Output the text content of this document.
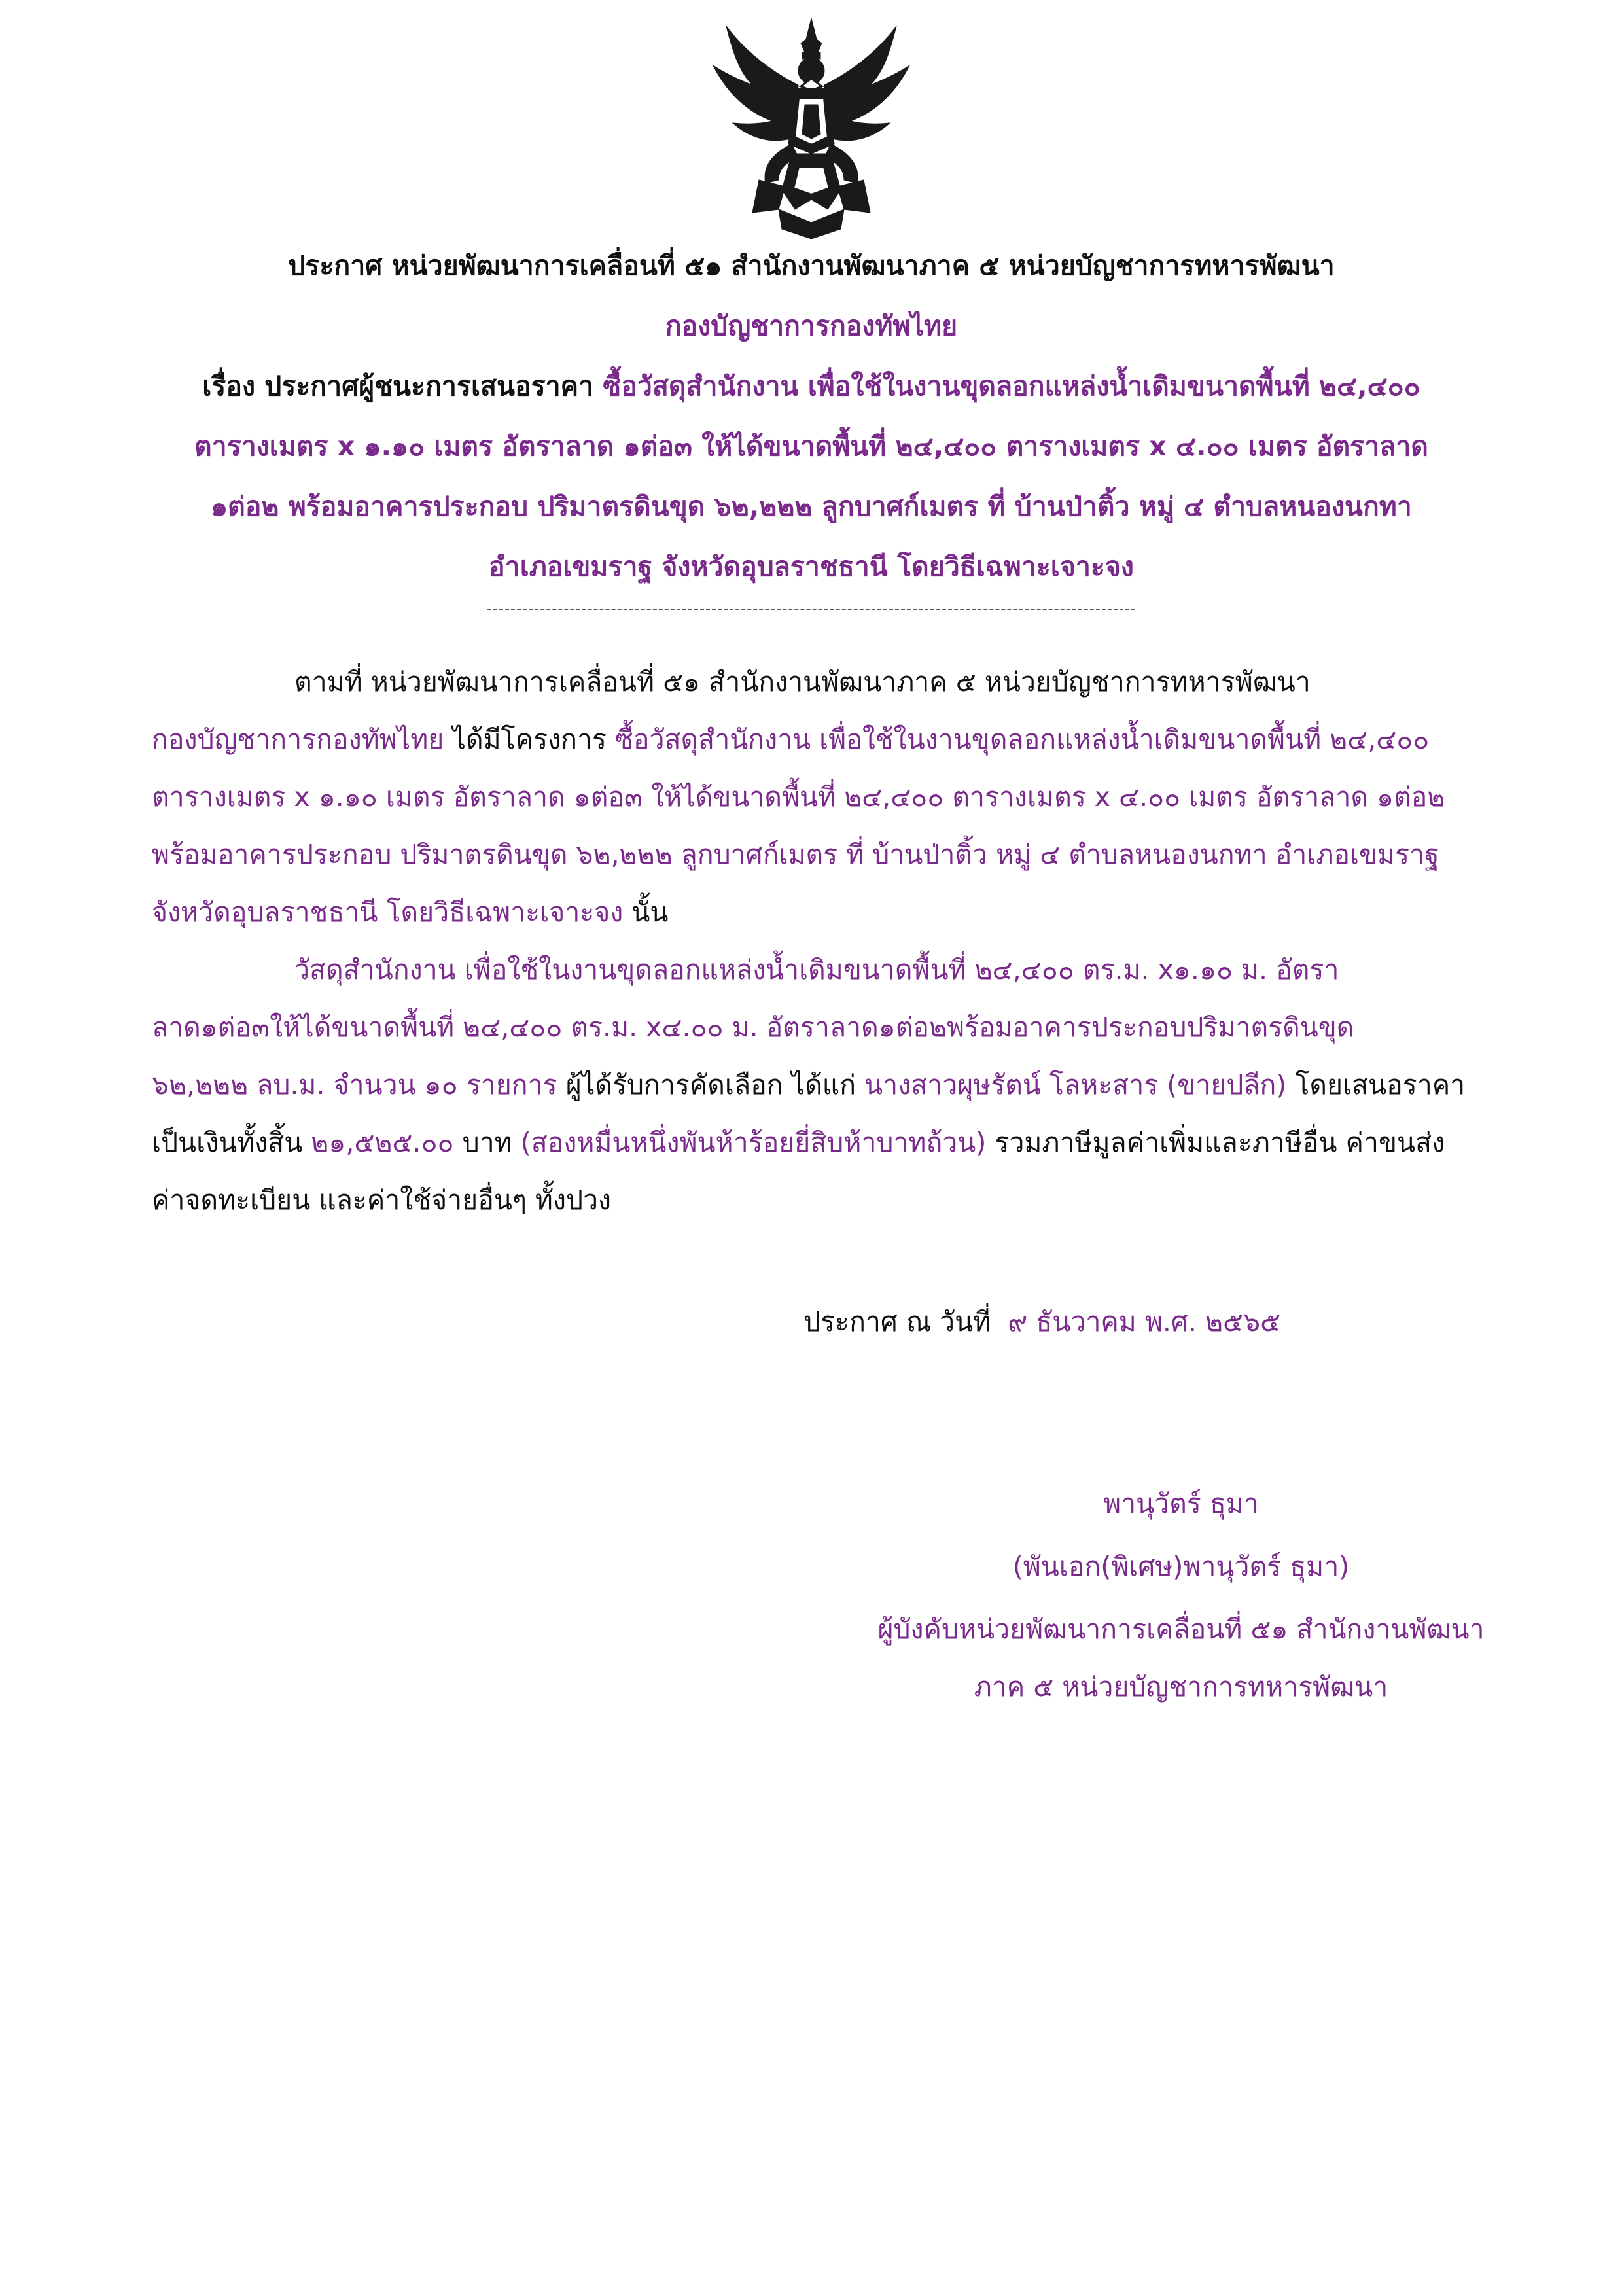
ประกาศ หน่วยพัฒนาการเคลื่อนที่ ๕๑ สำนักงานพัฒนาภาค ๕ หน่วยบัญชาการทหารพัฒนา
กองบัญชาการกองทัพไทย
เรื่อง ประกาศผู้ชนะการเสนอราคา ซื้อวัสดุสำนักงาน เพื่อใช้ในงานขุดลอกแหล่งน้ำเดิมขนาดพื้นที่ ๒๔,๔๐๐
ตารางเมตร x ๑.๑๐ เมตร อัตราลาด ๑ต่อ๓ ให้ได้ขนาดพื้นที่ ๒๔,๔๐๐ ตารางเมตร x ๔.๐๐ เมตร อัตราลาด
๑ต่อ๒ พร้อมอาคารประกอบ ปริมาตรดินขุด ๖๒,๒๒๒ ลูกบาศก์เมตร ที่ บ้านป่าติ้ว หมู่ ๔ ตำบลหนองนกทา
อำเภอเขมราฐ จังหวัดอุบลราชธานี โดยวิธีเฉพาะเจาะจง
ตามที่ หน่วยพัฒนาการเคลื่อนที่ ๕๑ สำนักงานพัฒนาภาค ๕ หน่วยบัญชาการทหารพัฒนา
กองบัญชาการกองทัพไทย ได้มีโครงการ ซื้อวัสดุสำนักงาน เพื่อใช้ในงานขุดลอกแหล่งน้ำเดิมขนาดพื้นที่ ๒๔,๔๐๐
ตารางเมตร x ๑.๑๐ เมตร อัตราลาด ๑ต่อ๓ ให้ได้ขนาดพื้นที่ ๒๔,๔๐๐ ตารางเมตร x ๔.๐๐ เมตร อัตราลาด ๑ต่อ๒
พร้อมอาคารประกอบ ปริมาตรดินขุด ๖๒,๒๒๒ ลูกบาศก์เมตร ที่ บ้านป่าติ้ว หมู่ ๔ ตำบลหนองนกทา อำเภอเขมราฐ
จังหวัดอุบลราชธานี โดยวิธีเฉพาะเจาะจง นั้น
วัสดุสำนักงาน เพื่อใช้ในงานขุดลอกแหล่งน้ำเดิมขนาดพื้นที่ ๒๔,๔๐๐ ตร.ม. x๑.๑๐ ม. อัตรา
ลาด๑ต่อ๓ให้ได้ขนาดพื้นที่ ๒๔,๔๐๐ ตร.ม. x๔.๐๐ ม. อัตราลาด๑ต่อ๒พร้อมอาคารประกอบปริมาตรดินขุด
๖๒,๒๒๒ ลบ.ม. จำนวน ๑๐ รายการ ผู้ได้รับการคัดเลือก ได้แก่ นางสาวผุษรัตน์ โลหะสาร (ขายปลีก) โดยเสนอราคา
เป็นเงินทั้งสิ้น ๒๑,๕๒๕.๐๐ บาท (สองหมื่นหนึ่งพันห้าร้อยยี่สิบห้าบาทถ้วน) รวมภาษีมูลค่าเพิ่มและภาษีอื่น ค่าขนส่ง
ค่าจดทะเบียน และค่าใช้จ่ายอื่นๆ ทั้งปวง
ประกาศ ณ วันที่ ๙ ธันวาคม พ.ศ. ๒๕๖๕
พานุวัตร์ ธุมา
(พันเอก(พิเศษ)พานุวัตร์ ธุมา)
ผู้บังคับหน่วยพัฒนาการเคลื่อนที่ ๕๑ สำนักงานพัฒนา
ภาค ๕ หน่วยบัญชาการทหารพัฒนา
